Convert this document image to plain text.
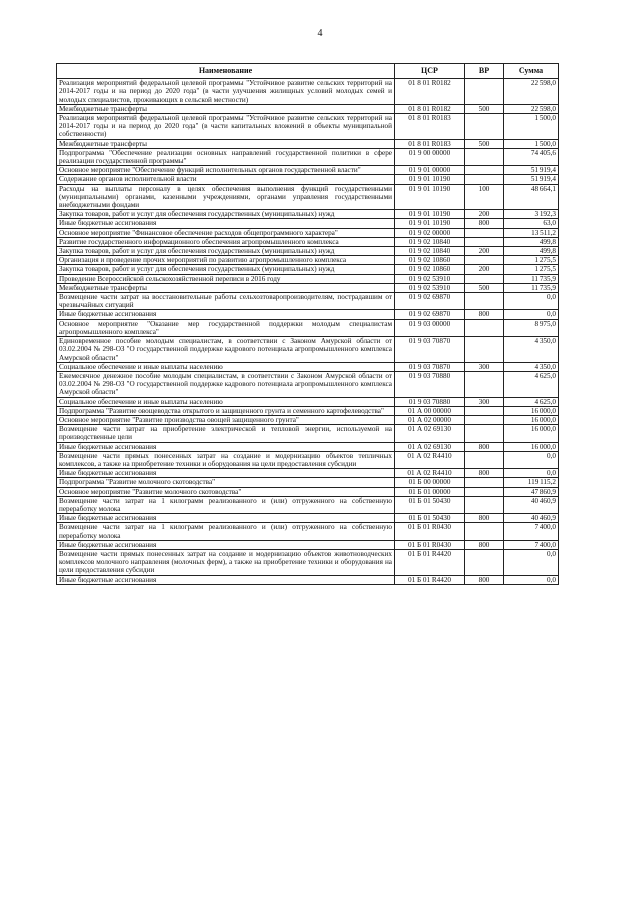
4
Наименование	ЦСР	ВР	Сумма
Реализация мероприятий федеральной целевой программы "Устойчивое развитие сельских территорий на 2014-2017 годы и на период до 2020 года" (в части улучшения жилищных условий молодых семей и молодых специалистов, проживающих в сельской местности)	01 8 01 R0182		22 598,0
Межбюджетные трансферты	01 8 01 R0182	500	22 598,0
Реализация мероприятий федеральной целевой программы "Устойчивое развитие сельских территорий на 2014-2017 годы и на период до 2020 года" (в части капитальных вложений в объекты муниципальной собственности)	01 8 01 R0183		1 500,0
Межбюджетные трансферты	01 8 01 R0183	500	1 500,0
Подпрограмма "Обеспечение реализации основных направлений государственной политики в сфере реализации государственной программы"	01 9 00 00000		74 405,6
Основное мероприятие "Обеспечение функций исполнительных органов государственной власти"	01 9 01 00000		51 919,4
Содержание органов исполнительной власти	01 9 01 10190		51 919,4
Расходы на выплаты персоналу в целях обеспечения выполнения функций государственными (муниципальными) органами, казенными учреждениями, органами управления государственными внебюджетными фондами	01 9 01 10190	100	48 664,1
Закупка товаров, работ и услуг для обеспечения государственных (муниципальных) нужд	01 9 01 10190	200	3 192,3
Иные бюджетные ассигнования	01 9 01 10190	800	63,0
Основное мероприятие "Финансовое обеспечение расходов общепрограммного характера"	01 9 02 00000		13 511,2
Развитие государственного информационного обеспечения агропромышленного комплекса	01 9 02 10840		499,8
Закупка товаров, работ и услуг для обеспечения государственных (муниципальных) нужд	01 9 02 10840	200	499,8
Организация и проведение прочих мероприятий по развитию агропромышленного комплекса	01 9 02 10860		1 275,5
Закупка товаров, работ и услуг для обеспечения государственных (муниципальных) нужд	01 9 02 10860	200	1 275,5
Проведение Всероссийской сельскохозяйственной переписи в 2016 году	01 9 02 53910		11 735,9
Межбюджетные трансферты	01 9 02 53910	500	11 735,9
Возмещение части затрат на восстановительные работы сельхозтоваропроизводителям, пострадавшим от чрезвычайных ситуаций	01 9 02 69870		0,0
Иные бюджетные ассигнования	01 9 02 69870	800	0,0
Основное мероприятие "Оказание мер государственной поддержки молодым специалистам агропромышленного комплекса"	01 9 03 00000		8 975,0
Единовременное пособие молодым специалистам, в соответствии с Законом Амурской области от 03.02.2004 № 298-ОЗ "О государственной поддержке кадрового потенциала агропромышленного комплекса Амурской области"	01 9 03 70870		4 350,0
Социальное обеспечение и иные выплаты населению	01 9 03 70870	300	4 350,0
Ежемесячное денежное пособие молодым специалистам, в соответствии с Законом Амурской области от 03.02.2004 № 298-ОЗ "О государственной поддержке кадрового потенциала агропромышленного комплекса Амурской области"	01 9 03 70880		4 625,0
Социальное обеспечение и иные выплаты населению	01 9 03 70880	300	4 625,0
Подпрограмма "Развитие овощеводства открытого и защищенного грунта и семенного картофелеводства"	01 А 00 00000		16 000,0
Основное мероприятие "Развитие производства овощей защищенного грунта"	01 А 02 00000		16 000,0
Возмещение части затрат на приобретение электрической и тепловой энергии, используемой на производственные цели	01 А 02 69130		16 000,0
Иные бюджетные ассигнования	01 А 02 69130	800	16 000,0
Возмещение части прямых понесенных затрат на создание и модернизацию объектов тепличных комплексов, а также на приобретение техники и оборудования на цели предоставления субсидии	01 А 02 R4410		0,0
Иные бюджетные ассигнования	01 А 02 R4410	800	0,0
Подпрограмма "Развитие молочного скотоводства"	01 Б 00 00000		119 115,2
Основное мероприятие "Развитие молочного скотоводства"	01 Б 01 00000		47 860,9
Возмещение части затрат на 1 килограмм реализованного и (или) отгруженного на собственную переработку молока	01 Б 01 50430		40 460,9
Иные бюджетные ассигнования	01 Б 01 50430	800	40 460,9
Возмещение части затрат на 1 килограмм реализованного и (или) отгруженного на собственную переработку молока	01 Б 01 R0430		7 400,0
Иные бюджетные ассигнования	01 Б 01 R0430	800	7 400,0
Возмещение части прямых понесенных затрат на создание и модернизацию объектов животноводческих комплексов молочного направления (молочных ферм), а также на приобретение техники и оборудования на цели предоставления субсидии	01 Б 01 R4420		0,0
Иные бюджетные ассигнования	01 Б 01 R4420	800	0,0
